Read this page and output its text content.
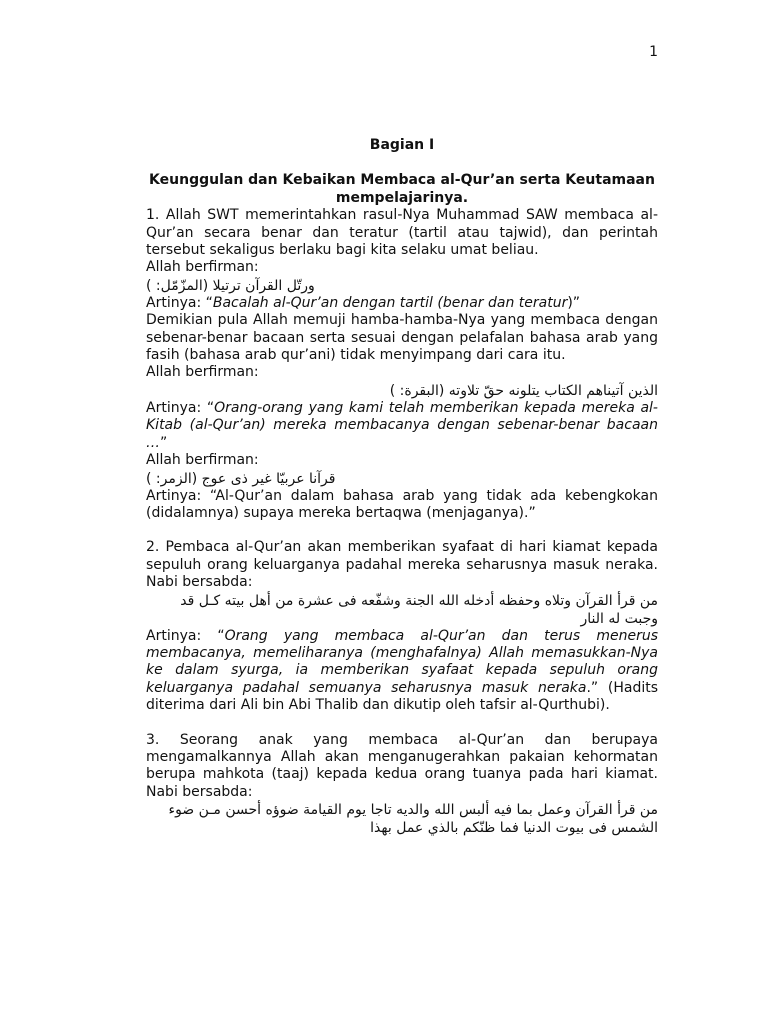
1

Bagian I

Keunggulan dan Kebaikan Membaca al-Qur’an serta Keutamaan mempelajarinya.

1. Allah SWT memerintahkan rasul-Nya Muhammad SAW membaca al-Qur’an secara benar dan teratur (tartil atau tajwid), dan perintah tersebut sekaligus berlaku bagi kita selaku umat beliau.

Allah berfirman:

ورتّل القرآن ترتيلا (المزّمّل: )

Artinya: “Bacalah al-Qur’an dengan tartil (benar dan teratur)”

Demikian pula Allah memuji hamba-hamba-Nya yang membaca dengan sebenar-benar bacaan serta sesuai dengan pelafalan bahasa arab yang fasih (bahasa arab qur’ani) tidak menyimpang dari cara itu.

Allah berfirman:

الذين آتيناهم الكتاب يتلونه حقّ تلاوته (البقرة: )

Artinya: “Orang-orang yang kami telah memberikan kepada mereka al-Kitab (al-Qur’an) mereka membacanya dengan sebenar-benar bacaan …”

Allah berfirman:

قرآنا عربيّا غير ذى عوج (الزمر: )

Artinya: “Al-Qur’an dalam bahasa arab yang tidak ada kebengkokan (didalamnya) supaya mereka bertaqwa (menjaganya).”

2. Pembaca al-Qur’an akan memberikan syafaat di hari kiamat kepada sepuluh orang keluarganya padahal mereka seharusnya masuk neraka. Nabi bersabda:

من قرأ القرآن وتلاه وحفظه أدخله الله الجنة وشفّعه فى عشرة من أهل بيته كـل قد وجبت له النار

Artinya: “Orang yang membaca al-Qur’an dan terus menerus membacanya, memeliharanya (menghafalnya) Allah memasukkan-Nya ke dalam syurga, ia memberikan syafaat kepada sepuluh orang keluarganya padahal semuanya seharusnya masuk neraka.” (Hadits diterima dari Ali bin Abi Thalib dan dikutip oleh tafsir al-Qurthubi).

3. Seorang anak yang membaca al-Qur’an dan berupaya mengamalkannya Allah akan menganugerahkan pakaian kehormatan berupa mahkota (taaj) kepada kedua orang tuanya pada hari kiamat. Nabi bersabda:

من قرأ القرآن وعمل بما فيه ألبس الله والديه تاجا يوم القيامة ضوؤه أحسن مـن ضوء الشمس فى بيوت الدنيا فما ظنّكم بالذي عمل بهذا
